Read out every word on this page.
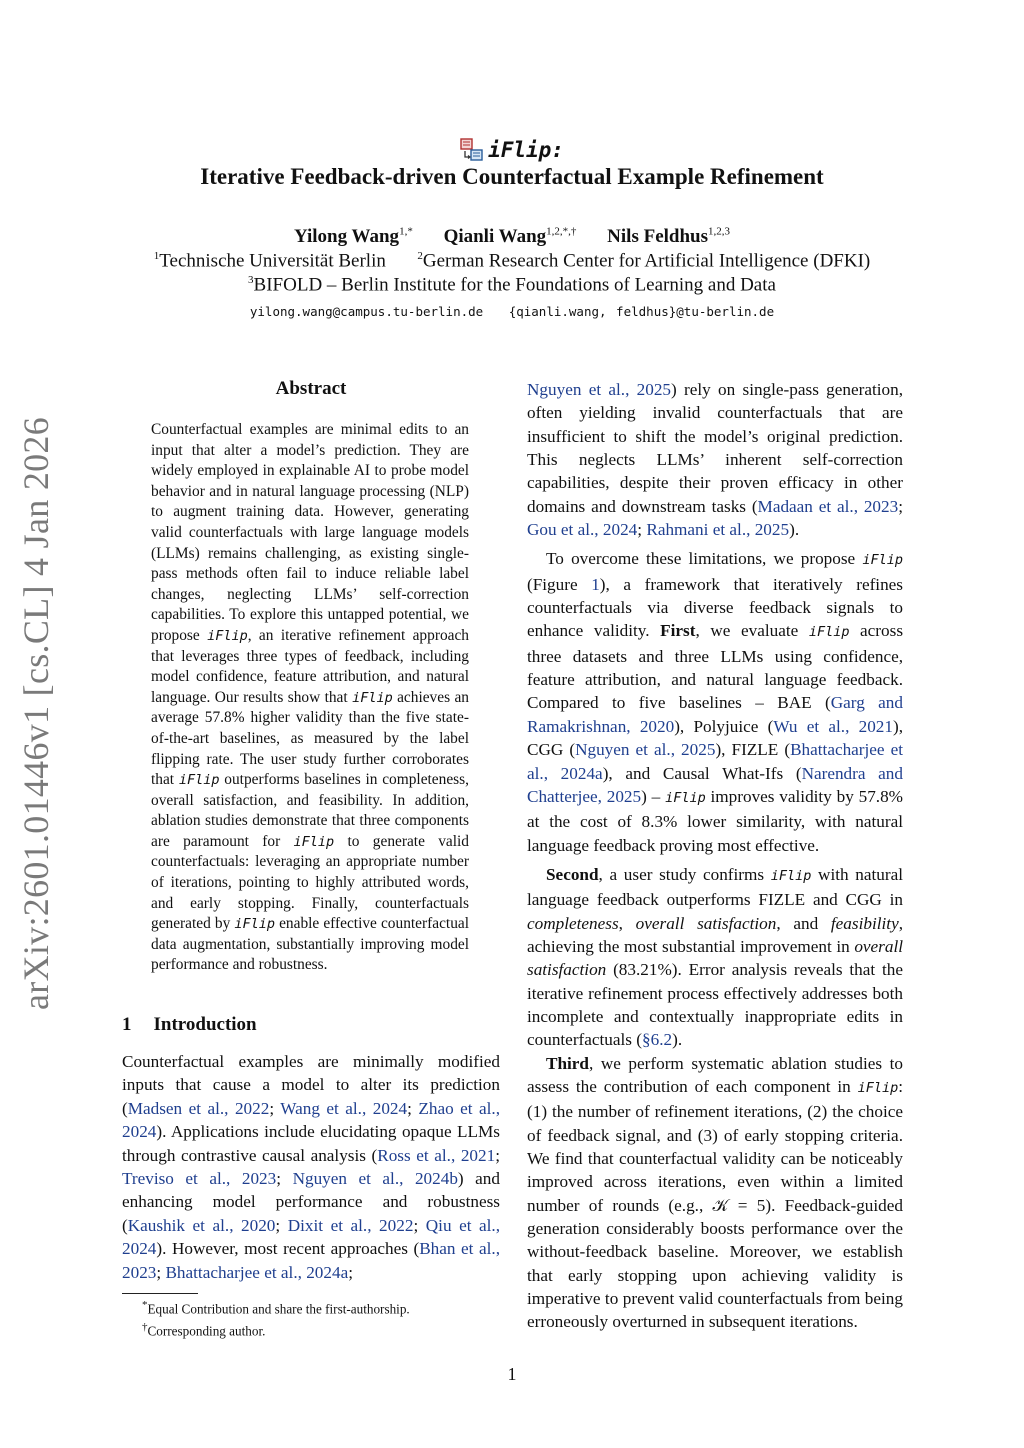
arXiv:2601.01446v1 [cs.CL] 4 Jan 2026
iFlip:
Iterative Feedback-driven Counterfactual Example Refinement
Yilong Wang$^{1,*}$ Qianli Wang$^{1,2,*,\dagger}$ Nils Feldhus$^{1,2,3}$
$^1$Technische Universität Berlin	$^2$German Research Center for Artificial Intelligence (DFKI)
$^3$BIFOLD – Berlin Institute for the Foundations of Learning and Data
yilong.wang@campus.tu-berlin.de {qianli.wang, feldhus}@tu-berlin.de
Abstract

Counterfactual examples are minimal edits to an input that alter a model’s prediction. They are widely employed in explainable AI to probe model behavior and in natural language processing (NLP) to augment training data. However, generating valid counterfactuals with large language models (LLMs) remains challenging, as existing single-pass methods often fail to induce reliable label changes, neglecting LLMs’ self-correction capabilities. To explore this untapped potential, we propose iFlip, an iterative refinement approach that leverages three types of feedback, including model confidence, feature attribution, and natural language. Our results show that iFlip achieves an average 57.8% higher validity than the five state-of-the-art baselines, as measured by the label flipping rate. The user study further corroborates that iFlip outperforms baselines in completeness, overall satisfaction, and feasibility. In addition, ablation studies demonstrate that three components are paramount for iFlip to generate valid counterfactuals: leveraging an appropriate number of iterations, pointing to highly attributed words, and early stopping. Finally, counterfactuals generated by iFlip enable effective counterfactual data augmentation, substantially improving model performance and robustness.

1 Introduction

Counterfactual examples are minimally modified inputs that cause a model to alter its prediction (Madsen et al., 2022; Wang et al., 2024; Zhao et al., 2024). Applications include elucidating opaque LLMs through contrastive causal analysis (Ross et al., 2021; Treviso et al., 2023; Nguyen et al., 2024b) and enhancing model performance and robustness (Kaushik et al., 2020; Dixit et al., 2022; Qiu et al., 2024). However, most recent approaches (Bhan et al., 2023; Bhattacharjee et al., 2024a;

*Equal Contribution and share the first-authorship.
†Corresponding author.

Nguyen et al., 2025) rely on single-pass generation, often yielding invalid counterfactuals that are insufficient to shift the model’s original prediction. This neglects LLMs’ inherent self-correction capabilities, despite their proven efficacy in other domains and downstream tasks (Madaan et al., 2023; Gou et al., 2024; Rahmani et al., 2025).

To overcome these limitations, we propose iFlip (Figure 1), a framework that iteratively refines counterfactuals via diverse feedback signals to enhance validity. First, we evaluate iFlip across three datasets and three LLMs using confidence, feature attribution, and natural language feedback. Compared to five baselines – BAE (Garg and Ramakrishnan, 2020), Polyjuice (Wu et al., 2021), CGG (Nguyen et al., 2025), FIZLE (Bhattacharjee et al., 2024a), and Causal What-Ifs (Narendra and Chatterjee, 2025) – iFlip improves validity by 57.8% at the cost of 8.3% lower similarity, with natural language feedback proving most effective.

Second, a user study confirms iFlip with natural language feedback outperforms FIZLE and CGG in completeness, overall satisfaction, and feasibility, achieving the most substantial improvement in overall satisfaction (83.21%). Error analysis reveals that the iterative refinement process effectively addresses both incomplete and contextually inappropriate edits in counterfactuals (§6.2).

Third, we perform systematic ablation studies to assess the contribution of each component in iFlip: (1) the number of refinement iterations, (2) the choice of feedback signal, and (3) of early stopping criteria. We find that counterfactual validity can be noticeably improved across iterations, even within a limited number of rounds (e.g., 𝒦 = 5). Feedback-guided generation considerably boosts performance over the without-feedback baseline. Moreover, we establish that early stopping upon achieving validity is imperative to prevent valid counterfactuals from being erroneously overturned in subsequent iterations.

1
